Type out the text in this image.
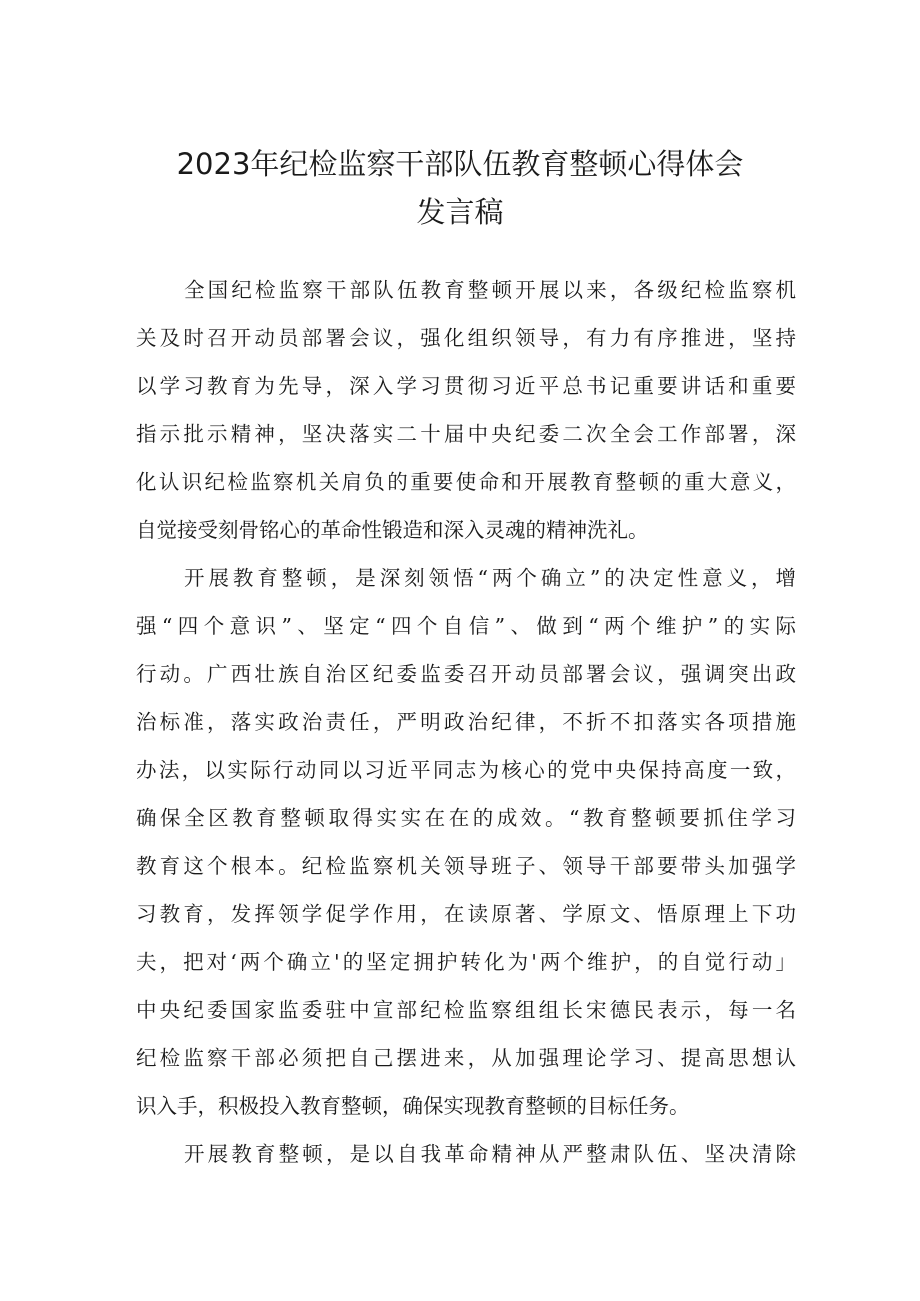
2023年纪检监察干部队伍教育整顿心得体会
发言稿

全国纪检监察干部队伍教育整顿开展以来，各级纪检监察机

关及时召开动员部署会议，强化组织领导，有力有序推进，坚持

以学习教育为先导，深入学习贯彻习近平总书记重要讲话和重要

指示批示精神，坚决落实二十届中央纪委二次全会工作部署，深

化认识纪检监察机关肩负的重要使命和开展教育整顿的重大意义，

自觉接受刻骨铭心的革命性锻造和深入灵魂的精神洗礼。

开展教育整顿，是深刻领悟“两个确立”的决定性意义，增

强“四个意识”、坚定“四个自信”、做到“两个维护”的实际

行动。广西壮族自治区纪委监委召开动员部署会议，强调突出政

治标准，落实政治责任，严明政治纪律，不折不扣落实各项措施

办法，以实际行动同以习近平同志为核心的党中央保持高度一致，

确保全区教育整顿取得实实在在的成效。“教育整顿要抓住学习

教育这个根本。纪检监察机关领导班子、领导干部要带头加强学

习教育，发挥领学促学作用，在读原著、学原文、悟原理上下功

夫，把对‘两个确立'的坚定拥护转化为'两个维护，的自觉行动」

中央纪委国家监委驻中宣部纪检监察组组长宋德民表示，每一名

纪检监察干部必须把自己摆进来，从加强理论学习、提高思想认

识入手，积极投入教育整顿，确保实现教育整顿的目标任务。

开展教育整顿，是以自我革命精神从严整肃队伍、坚决清除
